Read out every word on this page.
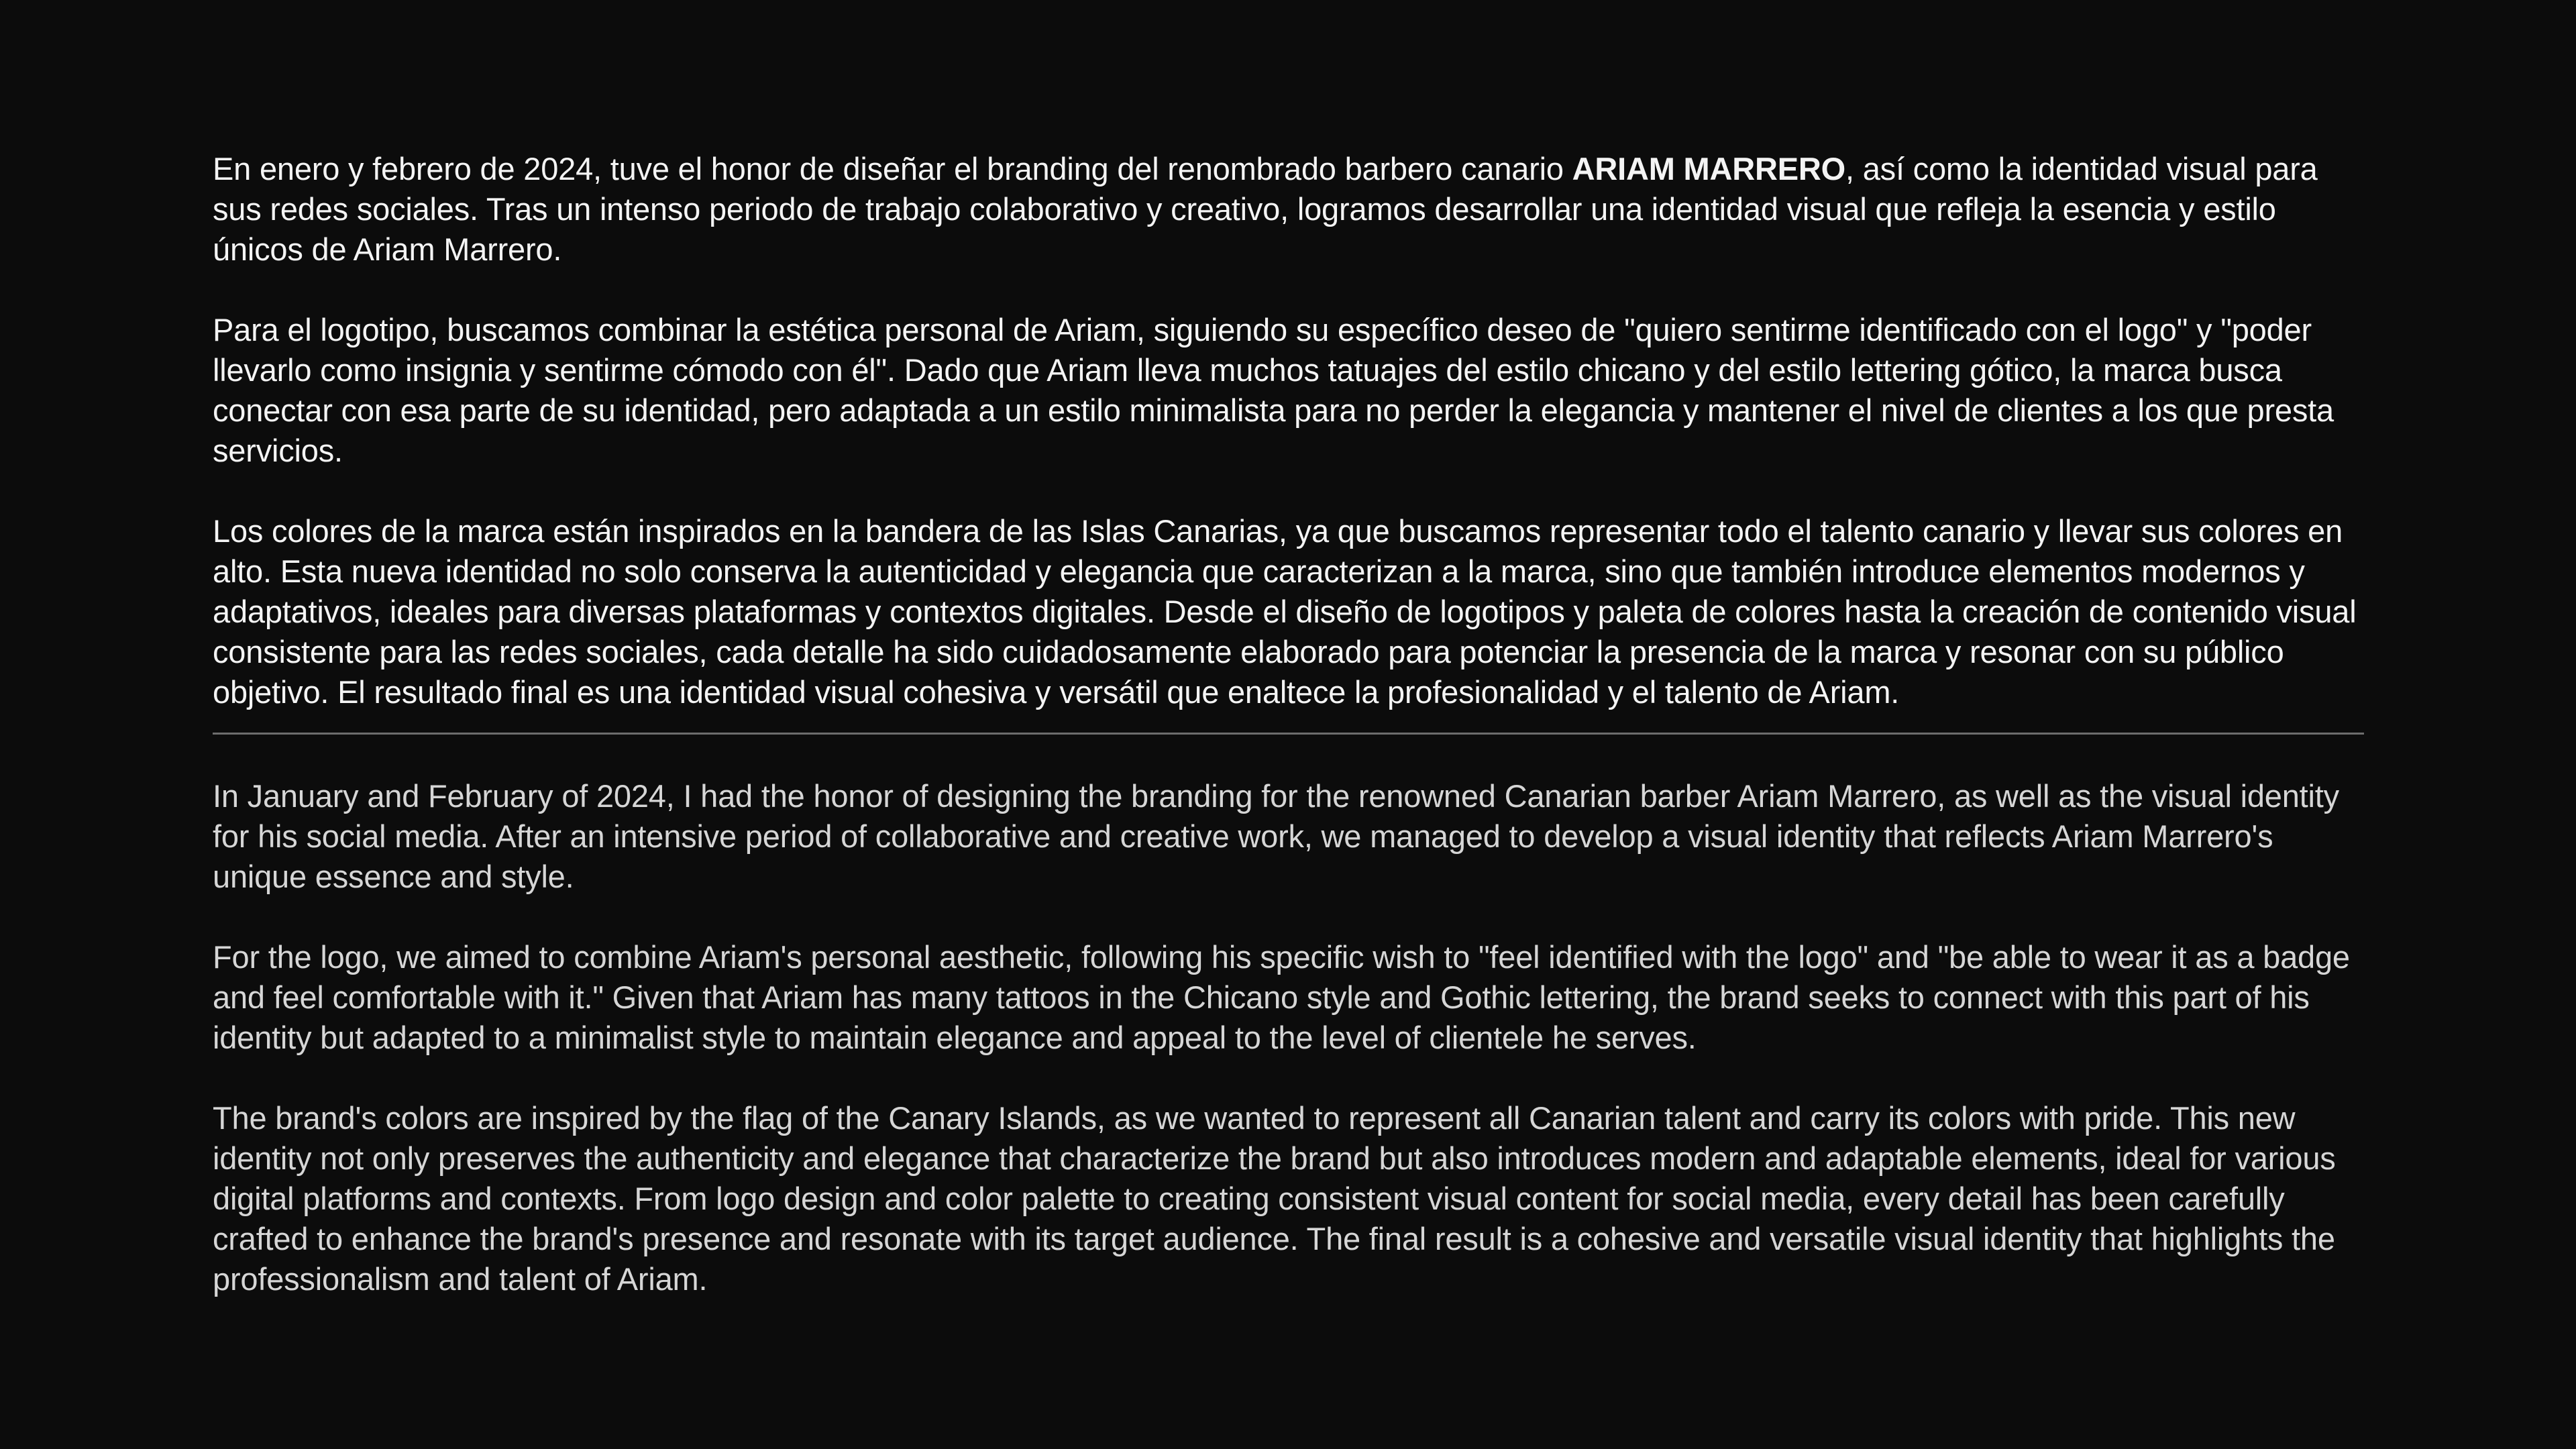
En enero y febrero de 2024, tuve el honor de diseñar el branding del renombrado barbero canario ARIAM MARRERO, así como la identidad visual para sus redes sociales. Tras un intenso periodo de trabajo colaborativo y creativo, logramos desarrollar una identidad visual que refleja la esencia y estilo únicos de Ariam Marrero.

Para el logotipo, buscamos combinar la estética personal de Ariam, siguiendo su específico deseo de "quiero sentirme identificado con el logo" y "poder llevarlo como insignia y sentirme cómodo con él". Dado que Ariam lleva muchos tatuajes del estilo chicano y del estilo lettering gótico, la marca busca conectar con esa parte de su identidad, pero adaptada a un estilo minimalista para no perder la elegancia y mantener el nivel de clientes a los que presta servicios.

Los colores de la marca están inspirados en la bandera de las Islas Canarias, ya que buscamos representar todo el talento canario y llevar sus colores en alto. Esta nueva identidad no solo conserva la autenticidad y elegancia que caracterizan a la marca, sino que también introduce elementos modernos y adaptativos, ideales para diversas plataformas y contextos digitales. Desde el diseño de logotipos y paleta de colores hasta la creación de contenido visual consistente para las redes sociales, cada detalle ha sido cuidadosamente elaborado para potenciar la presencia de la marca y resonar con su público objetivo. El resultado final es una identidad visual cohesiva y versátil que enaltece la profesionalidad y el talento de Ariam.

In January and February of 2024, I had the honor of designing the branding for the renowned Canarian barber Ariam Marrero, as well as the visual identity for his social media. After an intensive period of collaborative and creative work, we managed to develop a visual identity that reflects Ariam Marrero's unique essence and style.

For the logo, we aimed to combine Ariam's personal aesthetic, following his specific wish to "feel identified with the logo" and "be able to wear it as a badge and feel comfortable with it." Given that Ariam has many tattoos in the Chicano style and Gothic lettering, the brand seeks to connect with this part of his identity but adapted to a minimalist style to maintain elegance and appeal to the level of clientele he serves.

The brand's colors are inspired by the flag of the Canary Islands, as we wanted to represent all Canarian talent and carry its colors with pride. This new identity not only preserves the authenticity and elegance that characterize the brand but also introduces modern and adaptable elements, ideal for various digital platforms and contexts. From logo design and color palette to creating consistent visual content for social media, every detail has been carefully crafted to enhance the brand's presence and resonate with its target audience. The final result is a cohesive and versatile visual identity that highlights the professionalism and talent of Ariam.
